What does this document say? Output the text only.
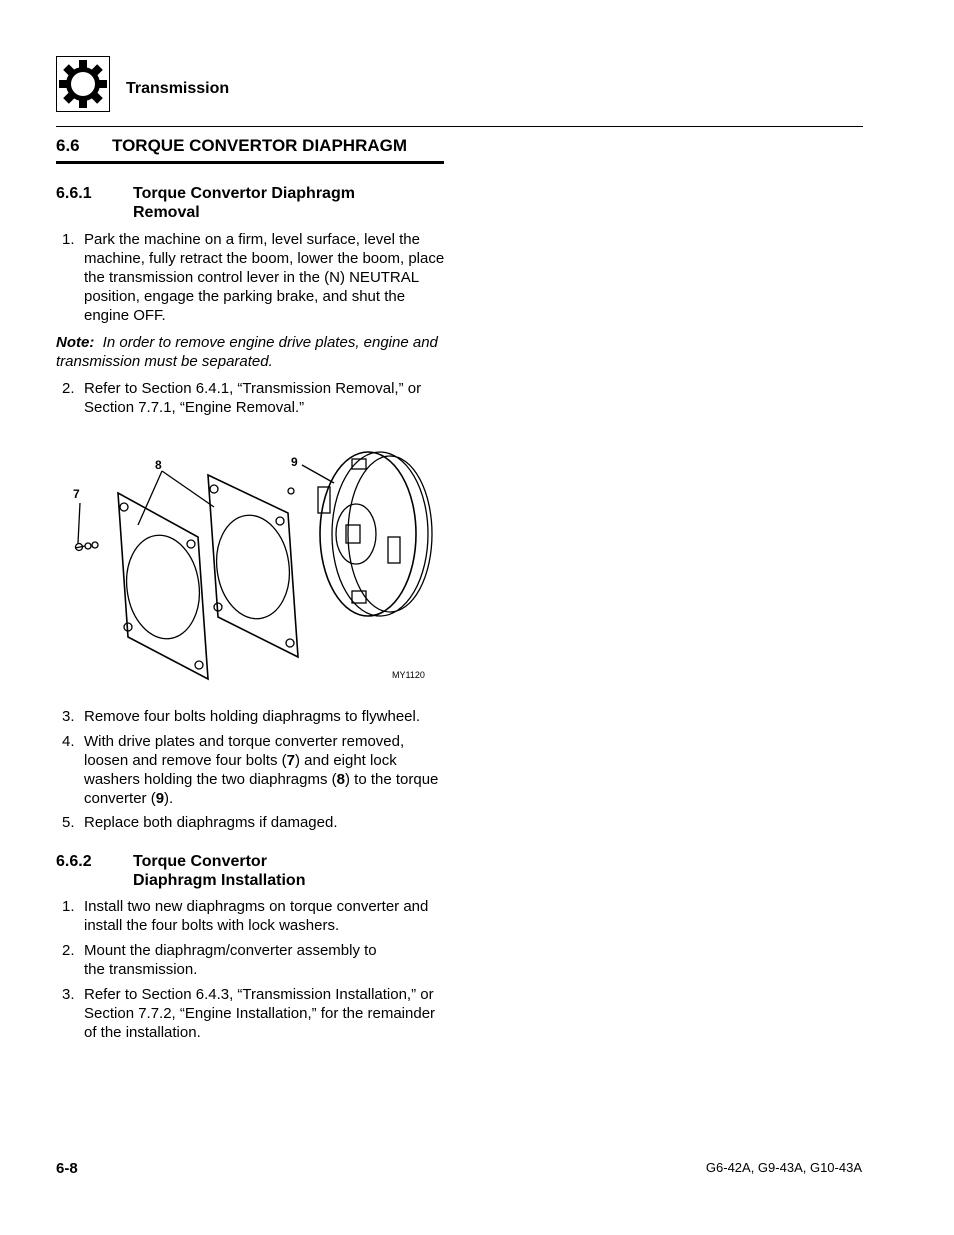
Transmission
6.6 TORQUE CONVERTOR DIAPHRAGM
6.6.1	Torque Convertor Diaphragm
Removal
1. Park the machine on a firm, level surface, level the machine, fully retract the boom, lower the boom, place the transmission control lever in the (N) NEUTRAL position, engage the parking brake, and shut the engine OFF.
Note: In order to remove engine drive plates, engine and transmission must be separated.
2. Refer to Section 6.4.1, “Transmission Removal,” or Section 7.7.1, “Engine Removal.”
7
8	9
MY1120
3. Remove four bolts holding diaphragms to flywheel.
4. With drive plates and torque converter removed, loosen and remove four bolts (7) and eight lock washers holding the two diaphragms (8) to the torque converter (9).
5. Replace both diaphragms if damaged.
6.6.2	Torque Convertor
Diaphragm Installation
1. Install two new diaphragms on torque converter and install the four bolts with lock washers.
2. Mount the diaphragm/converter assembly to the transmission.
3. Refer to Section 6.4.3, “Transmission Installation,” or Section 7.7.2, “Engine Installation,” for the remainder of the installation.
6-8	G6-42A, G9-43A, G10-43A
